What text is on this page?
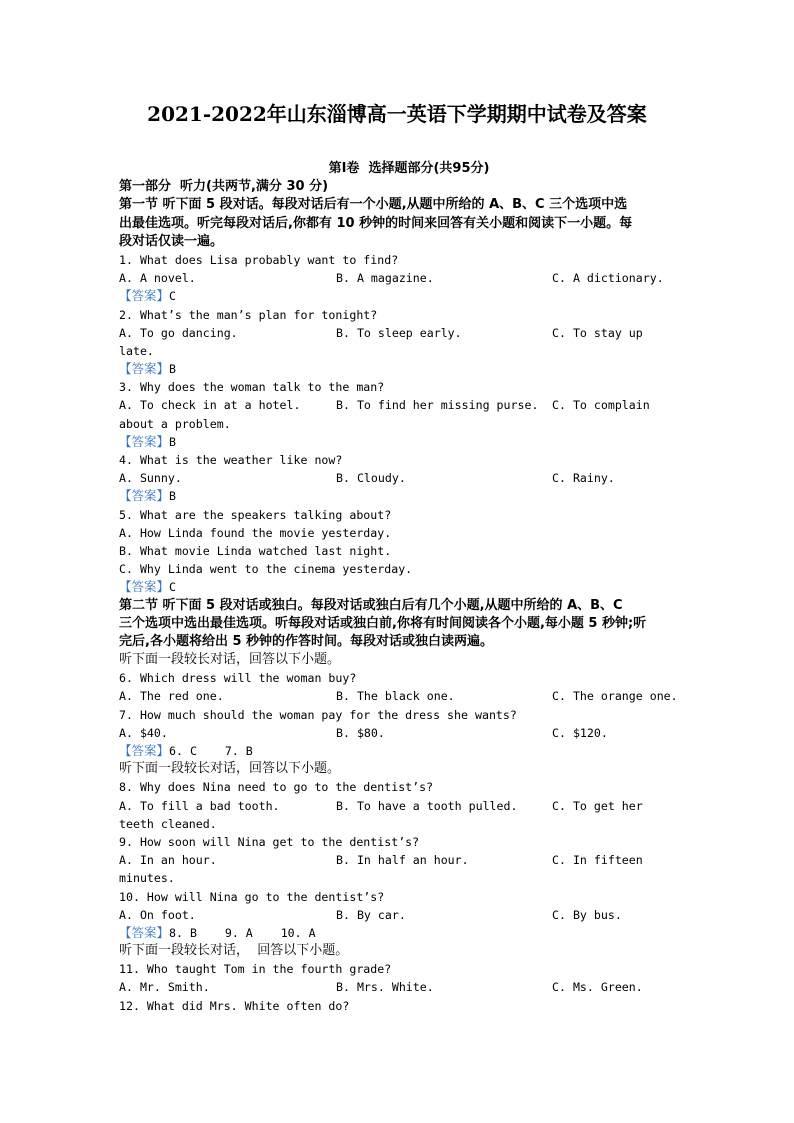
2021-2022年山东淄博高一英语下学期期中试卷及答案
第Ⅰ卷  选择题部分(共95分)
第一部分  听力(共两节,满分 30 分)
第一节 听下面 5 段对话。每段对话后有一个小题,从题中所给的 A、B、C 三个选项中选
出最佳选项。听完每段对话后,你都有 10 秒钟的时间来回答有关小题和阅读下一小题。每
段对话仅读一遍。
1. What does Lisa probably want to find?
A. A novel.	B. A magazine.	C. A dictionary.
【答案】C
2. What’s the man’s plan for tonight?
A. To go dancing.	B. To sleep early.	C. To stay up
late.
【答案】B
3. Why does the woman talk to the man?
A. To check in at a hotel.	B. To find her missing purse. C. To complain
about a problem.
【答案】B
4. What is the weather like now?
A. Sunny.	B. Cloudy.	C. Rainy.
【答案】B
5. What are the speakers talking about?
A. How Linda found the movie yesterday.
B. What movie Linda watched last night.
C. Why Linda went to the cinema yesterday.
【答案】C
第二节 听下面 5 段对话或独白。每段对话或独白后有几个小题,从题中所给的 A、B、C
三个选项中选出最佳选项。听每段对话或独白前,你将有时间阅读各个小题,每小题 5 秒钟;听
完后,各小题将给出 5 秒钟的作答时间。每段对话或独白读两遍。
听下面一段较长对话，回答以下小题。
6. Which dress will the woman buy?
A. The red one.	B. The black one.	C. The orange one.
7. How much should the woman pay for the dress she wants?
A. $40.	B. $80.	C. $120.
【答案】6. C    7. B
听下面一段较长对话，回答以下小题。
8. Why does Nina need to go to the dentist’s?
A. To fill a bad tooth.	B. To have a tooth pulled.	C. To get her
teeth cleaned.
9. How soon will Nina get to the dentist’s?
A. In an hour.	B. In half an hour.	C. In fifteen
minutes.
10. How will Nina go to the dentist’s?
A. On foot.	B. By car.	C. By bus.
【答案】8. B    9. A    10. A
听下面一段较长对话，  回答以下小题。
11. Who taught Tom in the fourth grade?
A. Mr. Smith.	B. Mrs. White.	C. Ms. Green.
12. What did Mrs. White often do?
